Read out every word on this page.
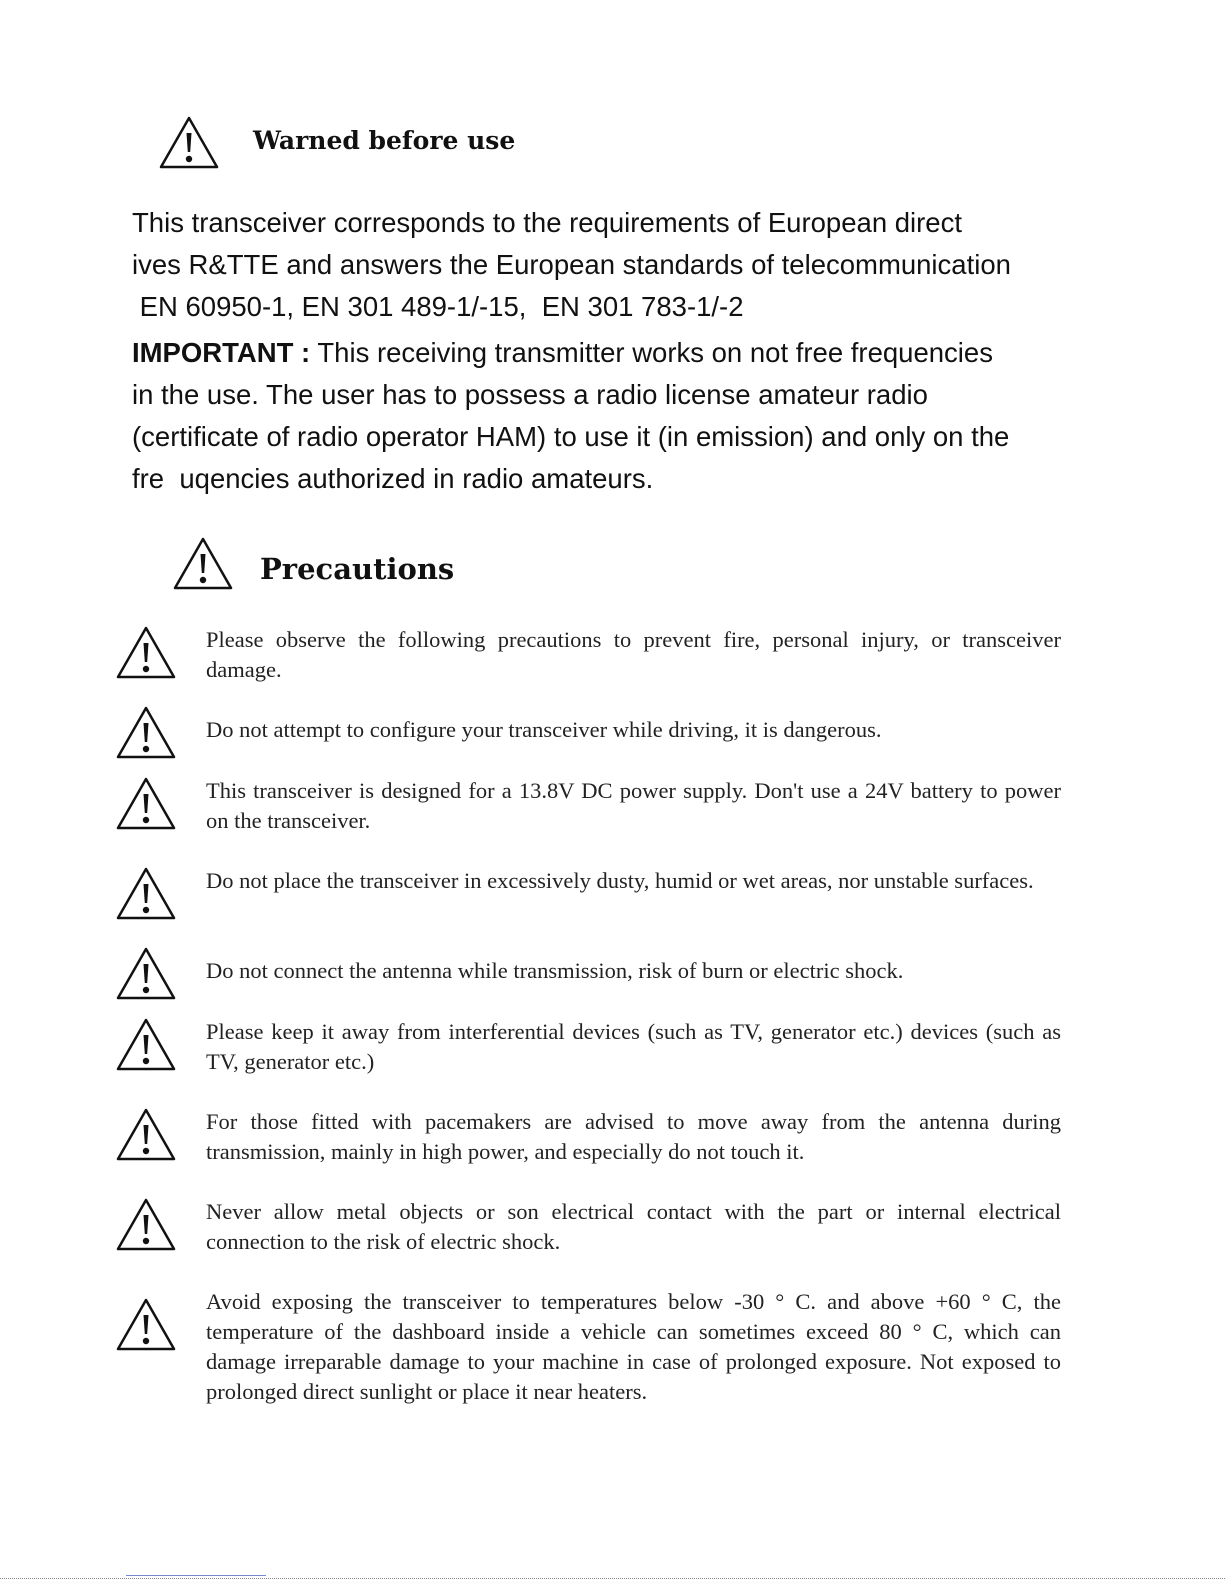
Warned before use
This transceiver corresponds to the requirements of European direct
ives R&TTE and answers the European standards of telecommunication
EN 60950-1, EN 301 489-1/-15,  EN 301 783-1/-2
IMPORTANT : This receiving transmitter works on not free frequencies
in the use. The user has to possess a radio license amateur radio
(certificate of radio operator HAM) to use it (in emission) and only on the
fre  uqencies authorized in radio amateurs.
Precautions

Please observe the following precautions to prevent fire, personal injury, or transceiver damage.

Do not attempt to configure your transceiver while driving, it is dangerous.

This transceiver is designed for a 13.8V DC power supply. Don't use a 24V battery to power on the transceiver.

Do not place the transceiver in excessively dusty, humid or wet areas, nor unstable surfaces.

Do not connect the antenna while transmission, risk of burn or electric shock.

Please keep it away from interferential devices (such as TV, generator etc.) devices (such as TV, generator etc.)

For those fitted with pacemakers are advised to move away from the antenna during transmission, mainly in high power, and especially do not touch it.

Never allow metal objects or son electrical contact with the part or internal electrical connection to the risk of electric shock.

Avoid exposing the transceiver to temperatures below -30 ° C. and above +60 ° C, the temperature of the dashboard inside a vehicle can sometimes exceed 80 ° C, which can damage irreparable damage to your machine in case of prolonged exposure. Not exposed to prolonged direct sunlight or place it near heaters.
